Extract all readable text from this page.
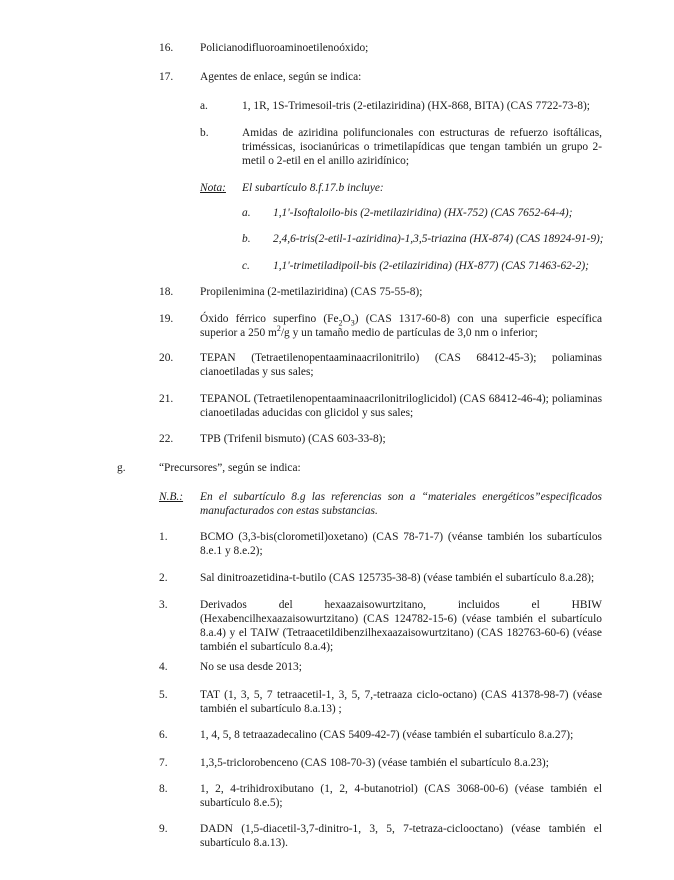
16. Policianodifluoroaminoetilenoóxido;
17. Agentes de enlace, según se indica:
a.	1, 1R, 1S-Trimesoil-tris (2-etilaziridina) (HX-868, BITA) (CAS 7722-73-8);
b.	Amidas de aziridina polifuncionales con estructuras de refuerzo isoftálicas, triméssicas, isocianúricas o trimetilapídicas que tengan también un grupo 2-metil o 2-etil en el anillo aziridínico;
Nota: El subartículo 8.f.17.b incluye:
a. 1,1'-Isoftaloilo-bis (2-metilaziridina) (HX-752) (CAS 7652-64-4);
b. 2,4,6-tris(2-etil-1-aziridina)-1,3,5-triazina (HX-874) (CAS 18924-91-9);
c. 1,1'-trimetiladipoil-bis (2-etilaziridina) (HX-877) (CAS 71463-62-2);
18. Propilenimina (2-metilaziridina) (CAS 75-55-8);
19. Óxido férrico superfino $(Fe_2O_3)$ (CAS 1317-60-8) con una superficie específica superior a 250 $m^2/g$ y un tamaño medio de partículas de 3,0 nm o inferior;
20. TEPAN (Tetraetilenopentaaminaacrilonitrilo) (CAS 68412-45-3); poliaminas cianoetiladas y sus sales;
21. TEPANOL (Tetraetilenopentaaminaacrilonitriloglicidol) (CAS 68412-46-4); poliaminas cianoetiladas aducidas con glicidol y sus sales;
22. TPB (Trifenil bismuto) (CAS 603-33-8);
g.	“Precursores”, según se indica:
N.B.: En el subartículo 8.g las referencias son a “materiales energéticos”especificados manufacturados con estas substancias.
1.	BCMO (3,3-bis(clorometil)oxetano) (CAS 78-71-7) (véanse también los subartículos 8.e.1 y 8.e.2);
2.	Sal dinitroazetidina-t-butilo (CAS 125735-38-8) (véase también el subartículo 8.a.28);
3.	Derivados del hexaazaisowurtzitano, incluidos el HBIW (Hexabencilhexaazaisowurtzitano) (CAS 124782-15-6) (véase también el subartículo 8.a.4) y el TAIW (Tetraacetildibenzilhexaazaisowurtzitano) (CAS 182763-60-6) (véase también el subartículo 8.a.4);
4.	No se usa desde 2013;
5.	TAT (1, 3, 5, 7 tetraacetil-1, 3, 5, 7,-tetraaza ciclo-octano) (CAS 41378-98-7) (véase también el subartículo 8.a.13) ;
6.	1, 4, 5, 8 tetraazadecalino (CAS 5409-42-7) (véase también el subartículo 8.a.27);
7.	1,3,5-triclorobenceno (CAS 108-70-3) (véase también el subartículo 8.a.23);
8.	1, 2, 4-trihidroxibutano (1, 2, 4-butanotriol) (CAS 3068-00-6) (véase también el subartículo 8.e.5);
9.	DADN (1,5-diacetil-3,7-dinitro-1, 3, 5, 7-tetraza-ciclooctano) (véase también el subartículo 8.a.13).
